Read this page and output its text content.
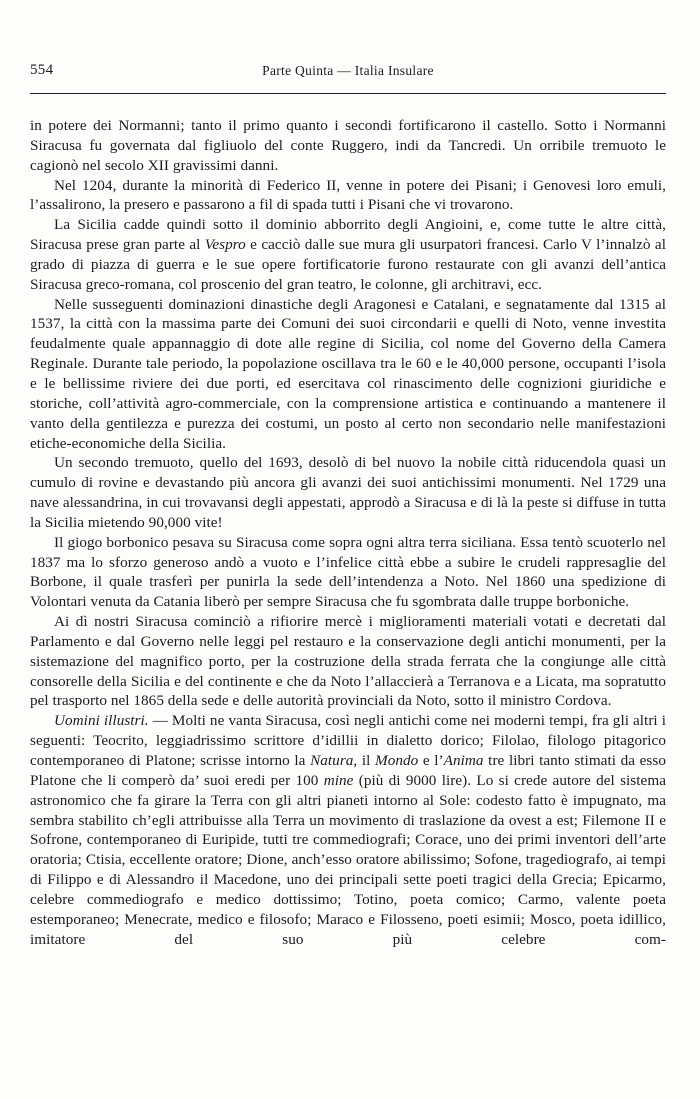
554	Parte Quinta — Italia Insulare

in potere dei Normanni; tanto il primo quanto i secondi fortificarono il castello. Sotto i Normanni Siracusa fu governata dal figliuolo del conte Ruggero, indi da Tancredi. Un orribile tremuoto le cagionò nel secolo XII gravissimi danni.

Nel 1204, durante la minorità di Federico II, venne in potere dei Pisani; i Genovesi loro emuli, l’assalirono, la presero e passarono a fil di spada tutti i Pisani che vi trovarono.

La Sicilia cadde quindi sotto il dominio abborrito degli Angioini, e, come tutte le altre città, Siracusa prese gran parte al Vespro e cacciò dalle sue mura gli usurpatori francesi. Carlo V l’innalzò al grado di piazza di guerra e le sue opere fortificatorie furono restaurate con gli avanzi dell’antica Siracusa greco-romana, col proscenio del gran teatro, le colonne, gli architravi, ecc.

Nelle susseguenti dominazioni dinastiche degli Aragonesi e Catalani, e segnatamente dal 1315 al 1537, la città con la massima parte dei Comuni dei suoi circondarii e quelli di Noto, venne investita feudalmente quale appannaggio di dote alle regine di Sicilia, col nome del Governo della Camera Reginale. Durante tale periodo, la popolazione oscillava tra le 60 e le 40,000 persone, occupanti l’isola e le bellissime riviere dei due porti, ed esercitava col rinascimento delle cognizioni giuridiche e storiche, coll’attività agro-commerciale, con la comprensione artistica e continuando a mantenere il vanto della gentilezza e purezza dei costumi, un posto al certo non secondario nelle manifestazioni etiche-economiche della Sicilia.

Un secondo tremuoto, quello del 1693, desolò di bel nuovo la nobile città riducendola quasi un cumulo di rovine e devastando più ancora gli avanzi dei suoi antichissimi monumenti. Nel 1729 una nave alessandrina, in cui trovavansi degli appestati, approdò a Siracusa e di là la peste si diffuse in tutta la Sicilia mietendo 90,000 vite!

Il giogo borbonico pesava su Siracusa come sopra ogni altra terra siciliana. Essa tentò scuoterlo nel 1837 ma lo sforzo generoso andò a vuoto e l’infelice città ebbe a subire le crudeli rappresaglie del Borbone, il quale trasferì per punirla la sede dell’intendenza a Noto. Nel 1860 una spedizione di Volontari venuta da Catania liberò per sempre Siracusa che fu sgombrata dalle truppe borboniche.

Ai dì nostri Siracusa cominciò a rifiorire mercè i miglioramenti materiali votati e decretati dal Parlamento e dal Governo nelle leggi pel restauro e la conservazione degli antichi monumenti, per la sistemazione del magnifico porto, per la costruzione della strada ferrata che la congiunge alle città consorelle della Sicilia e del continente e che da Noto l’allaccierà a Terranova e a Licata, ma sopratutto pel trasporto nel 1865 della sede e delle autorità provinciali da Noto, sotto il ministro Cordova.

Uomini illustri. — Molti ne vanta Siracusa, così negli antichi come nei moderni tempi, fra gli altri i seguenti: Teocrito, leggiadrissimo scrittore d’idillii in dialetto dorico; Filolao, filologo pitagorico contemporaneo di Platone; scrisse intorno la Natura, il Mondo e l’Anima tre libri tanto stimati da esso Platone che li comperò da’ suoi eredi per 100 mine (più di 9000 lire). Lo si crede autore del sistema astronomico che fa girare la Terra con gli altri pianeti intorno al Sole: codesto fatto è impugnato, ma sembra stabilito ch’egli attribuisse alla Terra un movimento di traslazione da ovest a est; Filemone II e Sofrone, contemporaneo di Euripide, tutti tre commediografi; Corace, uno dei primi inventori dell’arte oratoria; Ctisia, eccellente oratore; Dione, anch’esso oratore abilissimo; Sofone, tragediografo, ai tempi di Filippo e di Alessandro il Macedone, uno dei principali sette poeti tragici della Grecia; Epicarmo, celebre commediografo e medico dottissimo; Totino, poeta comico; Carmo, valente poeta estemporaneo; Menecrate, medico e filosofo; Maraco e Filosseno, poeti esimii; Mosco, poeta idillico, imitatore del suo più celebre com-
